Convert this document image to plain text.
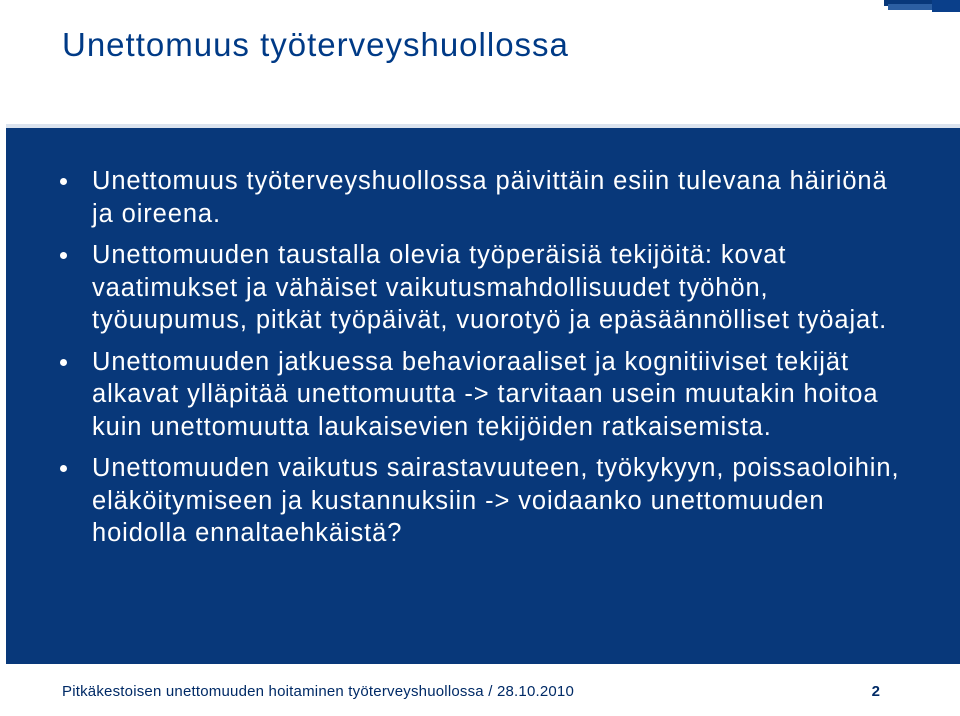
Unettomuus työterveyshuollossa
Unettomuus työterveyshuollossa päivittäin esiin tulevana häiriönä ja oireena.
Unettomuuden taustalla olevia työperäisiä tekijöitä: kovat vaatimukset ja vähäiset vaikutusmahdollisuudet työhön, työuupumus, pitkät työpäivät, vuorotyö ja epäsäännölliset työajat.
Unettomuuden jatkuessa behavioraaliset ja kognitiiviset tekijät alkavat ylläpitää unettomuutta -> tarvitaan usein muutakin hoitoa kuin unettomuutta laukaisevien tekijöiden ratkaisemista.
Unettomuuden vaikutus sairastavuuteen, työkykyyn, poissaoloihin, eläköitymiseen ja kustannuksiin -> voidaanko unettomuuden hoidolla ennaltaehkäistä?
Pitkäkestoisen unettomuuden hoitaminen työterveyshuollossa / 28.10.2010	2
